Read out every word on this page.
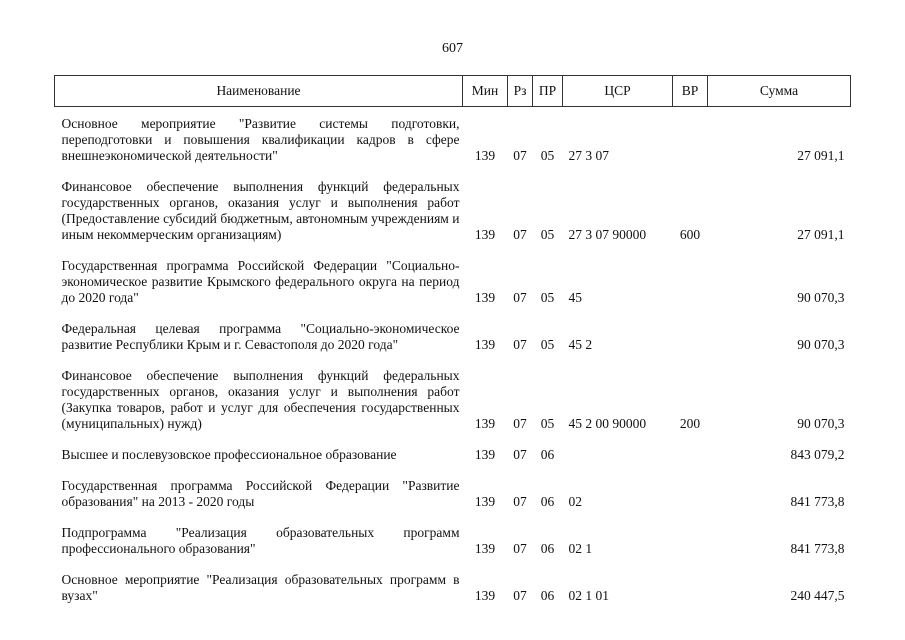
607
Наименование	Мин	Рз	ПР	ЦСР	ВР	Сумма

Основное мероприятие "Развитие системы подготовки, переподготовки и повышения квалификации кадров в сфере внешнеэкономической деятельности"	139	07	05	27 3 07		27 091,1

Финансовое обеспечение выполнения функций федеральных государственных органов, оказания услуг и выполнения работ (Предоставление субсидий бюджетным, автономным учреждениям и иным некоммерческим организациям)	139	07	05	27 3 07 90000	600	27 091,1

Государственная программа Российской Федерации "Социально-экономическое развитие Крымского федерального округа на период до 2020 года"	139	07	05	45		90 070,3

Федеральная целевая программа "Социально-экономическое развитие Республики Крым и г. Севастополя до 2020 года"	139	07	05	45 2		90 070,3

Финансовое обеспечение выполнения функций федеральных государственных органов, оказания услуг и выполнения работ (Закупка товаров, работ и услуг для обеспечения государственных (муниципальных) нужд)	139	07	05	45 2 00 90000	200	90 070,3

Высшее и послевузовское профессиональное образование	139	07	06			843 079,2

Государственная программа Российской Федерации "Развитие образования" на 2013 - 2020 годы	139	07	06	02		841 773,8

Подпрограмма "Реализация образовательных программ профессионального образования"	139	07	06	02 1		841 773,8

Основное мероприятие "Реализация образовательных программ в вузах"	139	07	06	02 1 01		240 447,5
